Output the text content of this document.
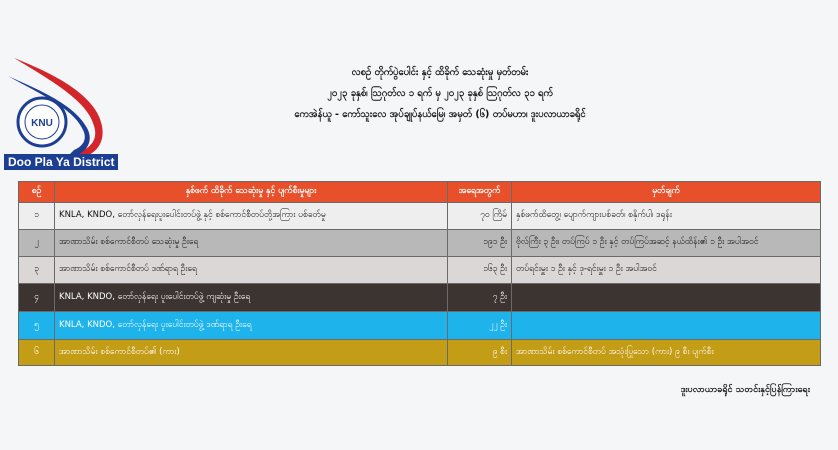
KNU
Doo Pla Ya District
လစဉ် တိုက်ပွဲပေါင်း နှင့် ထိခိုက် သေဆုံးမှု မှတ်တမ်း
၂၀၂၃ ခုနှစ်၊ ဩဂုတ်လ ၁ ရက် မှ ၂၀၂၃ ခုနှစ် ဩဂုတ်လ ၃၁ ရက်
ကေအဲန်ယူ - ကော်သူးလေ အုပ်ချုပ်နယ်မြေ၊ အမှတ် (၆) တပ်မဟာ၊ ဒူးပလာယာခရိုင်
စဉ်	နှစ်ဖက် ထိခိုက် သေဆုံးမှု နှင့် ပျက်စီးမှုများ	အရေအတွက်	မှတ်ချက်
၁	KNLA, KNDO, တော်လှန်ရေးပူးပေါင်းတပ်ဖွဲ့ နှင့် စစ်ကောင်စီတပ်တို့အကြား ပစ်ခတ်မှု	၇၀ ကြိမ်	နှစ်ဖက်ထိတွေ့၊ ပျောက်ကျားပစ်ခတ်၊ စနိုက်ပါ၊ ဒရုန်း
၂	အာဏာသိမ်း စစ်ကောင်စီတပ် သေဆုံးမှု ဦးရေ	၁၉၁ ဦး	ဗိုလ်ကြီး ၃ ဦး၊ တပ်ကြပ် ၁ ဦး နှင့် တပ်ကြပ်အဆင့် နယ်ထိန်း၏ ၁ ဦး အပါအဝင်
၃	အာဏာသိမ်း စစ်ကောင်စီတပ် ဒဏ်ရာရ ဦးရေ	၁၆၃ ဦး	တပ်ရင်းမှူး ၁ ဦး နှင့် ဒု-ရင်းမှူး ၁ ဦး အပါအဝင်
၄	KNLA, KNDO, တော်လှန်ရေး ပူးပေါင်းတပ်ဖွဲ့ ကျဆုံးမှု ဦးရေ	၇ ဦး	
၅	KNLA, KNDO, တော်လှန်ရေး ပူးပေါင်းတပ်ဖွဲ့ ဒဏ်ရာရ ဦးရေ	၂၂ ဦး	
၆	အာဏာသိမ်း စစ်ကောင်စီတပ်၏ (ကား)	၉ စီး	အာဏာသိမ်း စစ်ကောင်စီတပ် အသုံးပြုသော (ကား) ၉ စီး ပျက်စီး
ဒူးပလာယာခရိုင် သတင်းနှင့်ပြန်ကြားရေး
